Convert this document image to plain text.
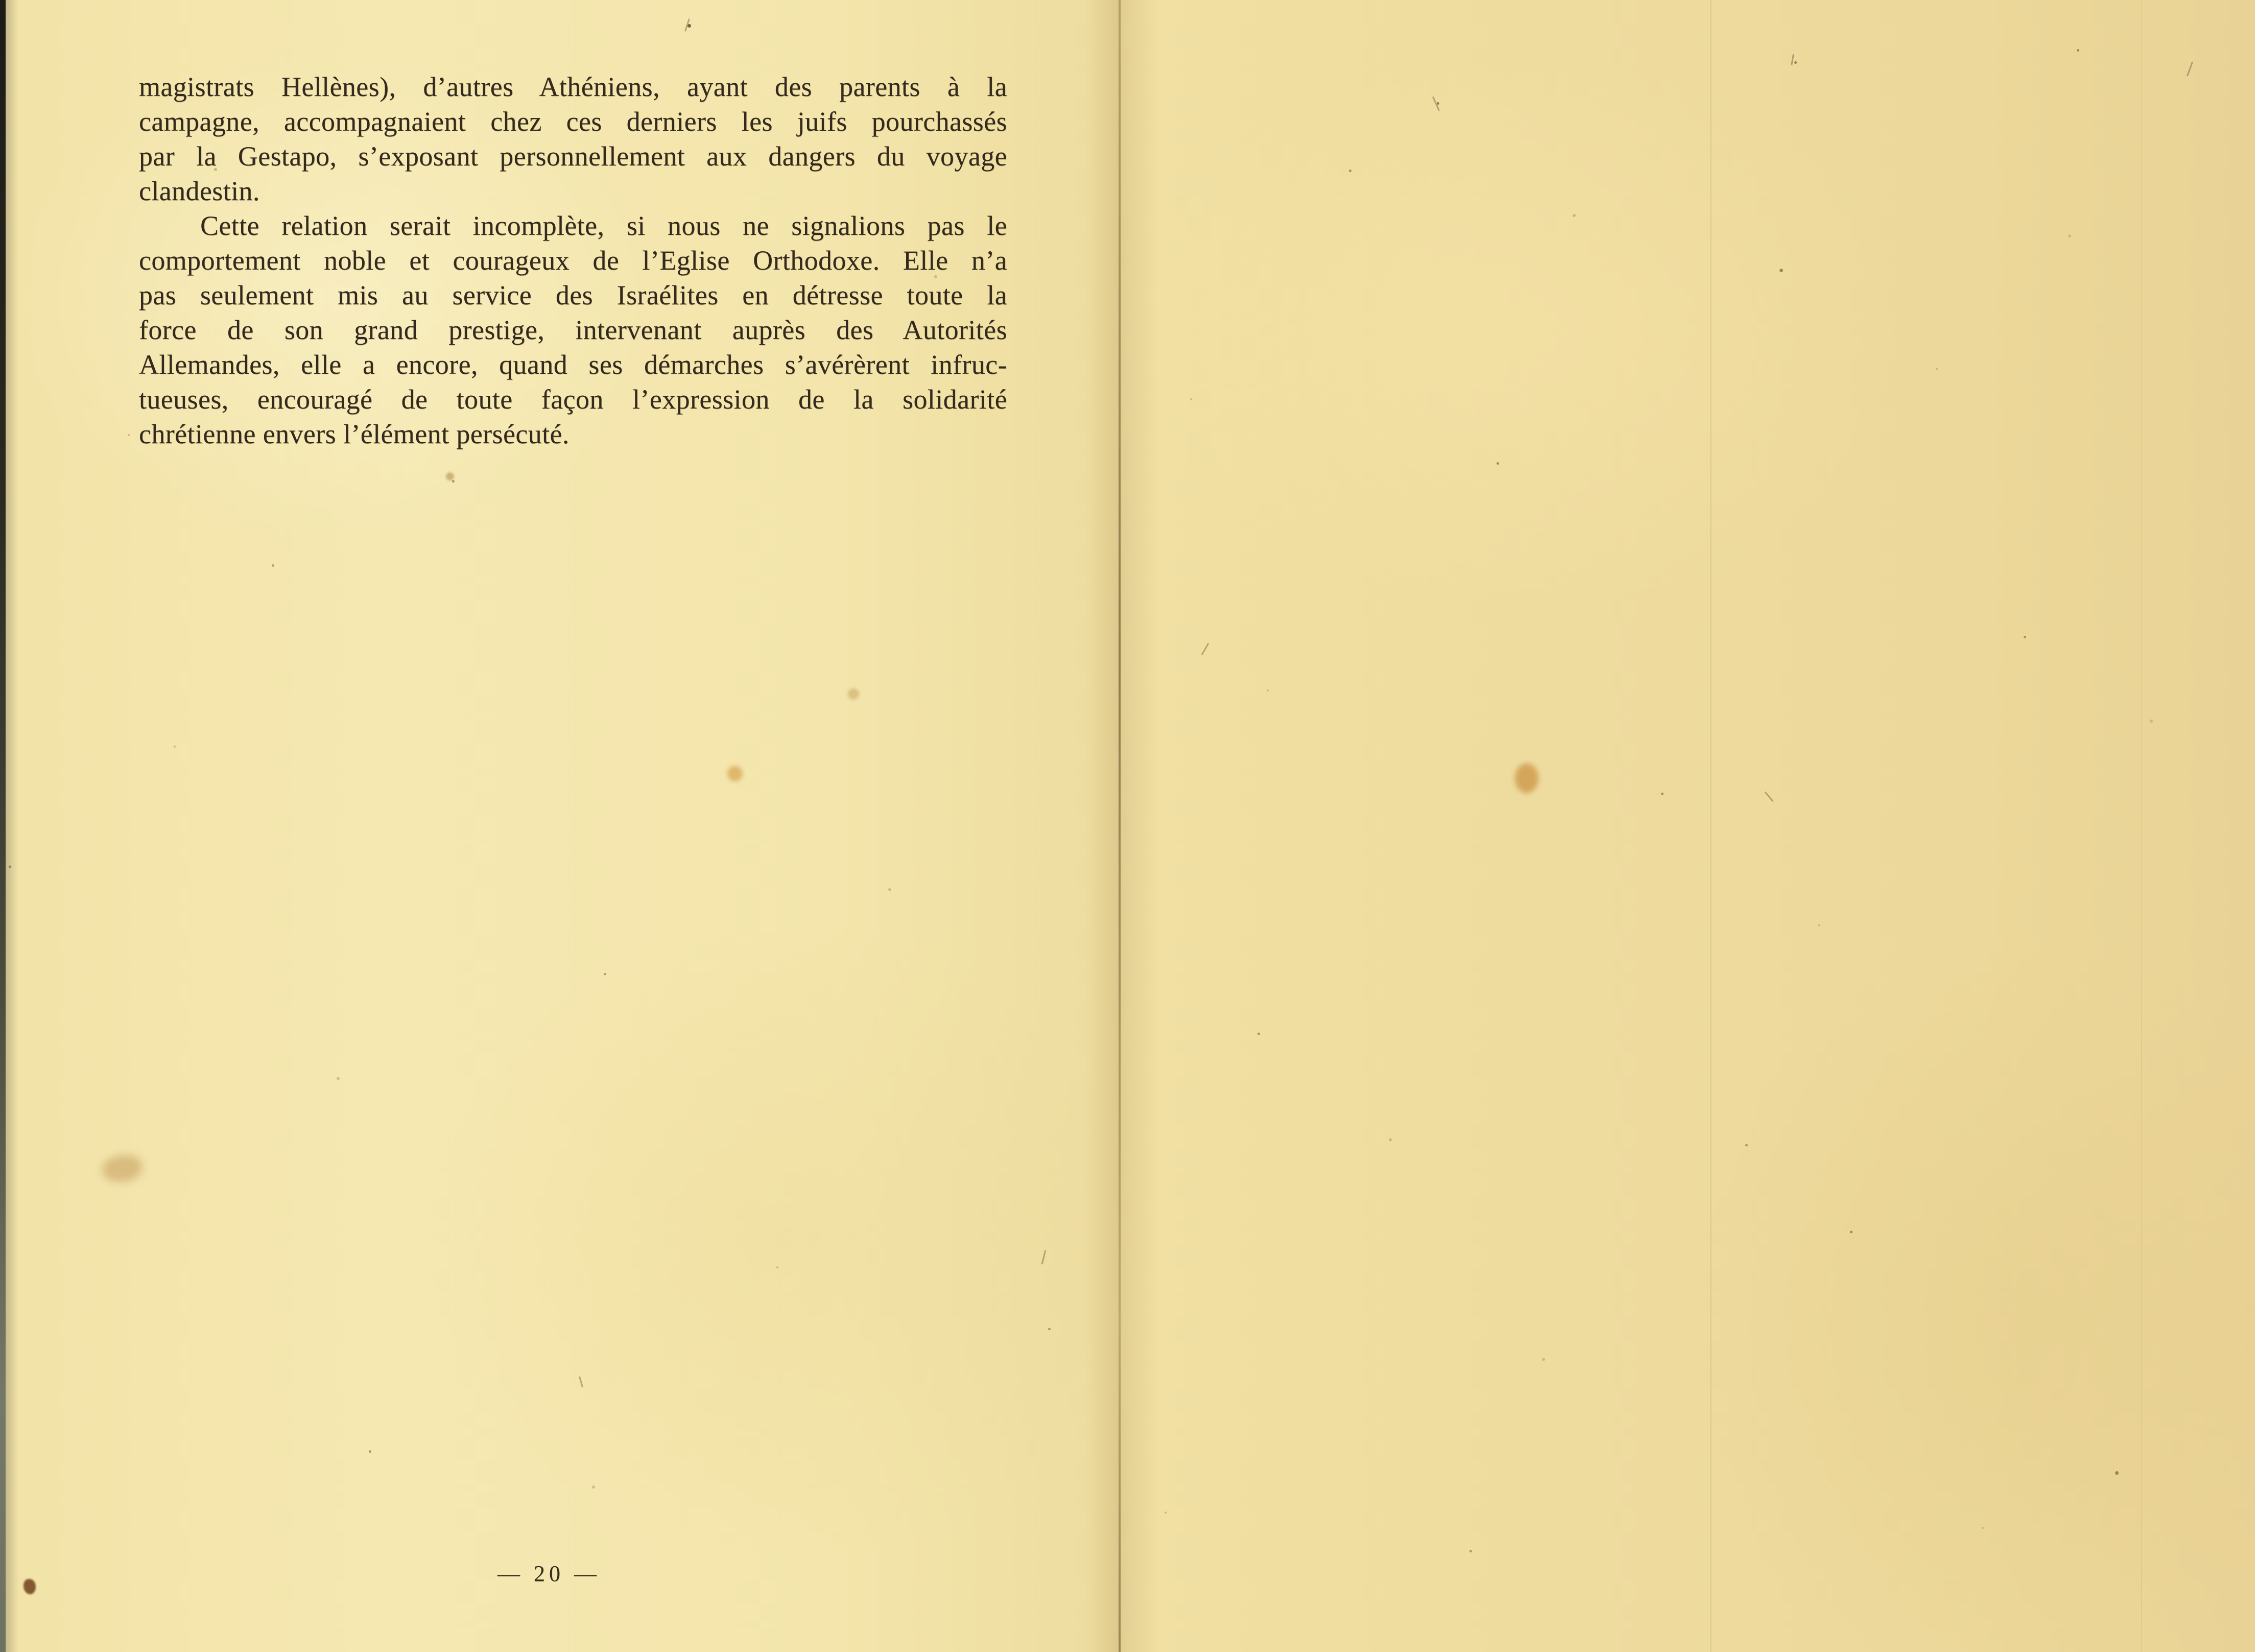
magistrats Hellènes), d’autres Athéniens, ayant des parents à la
campagne, accompagnaient chez ces derniers les juifs pourchassés
par la Gestapo, s’exposant personnellement aux dangers du voyage
clandestin.
Cette relation serait incomplète, si nous ne signalions pas le
comportement noble et courageux de l’Eglise Orthodoxe. Elle n’a
pas seulement mis au service des Israélites en détresse toute la
force de son grand prestige, intervenant auprès des Autorités
Allemandes, elle a encore, quand ses démarches s’avérèrent infruc-
tueuses, encouragé de toute façon l’expression de la solidarité
chrétienne envers l’élément persécuté.
— 20 —
